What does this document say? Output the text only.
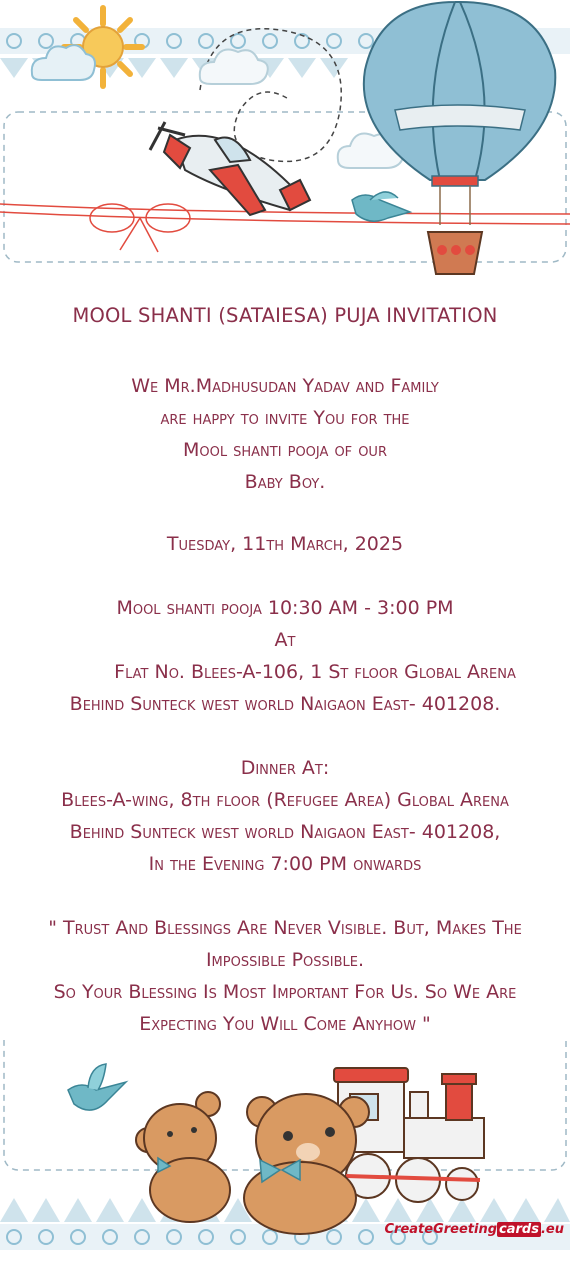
MOOL SHANTI (SATAIESA) PUJA INVITATION
We Mr.Madhusudan Yadav and Family
are happy to invite You for the
Mool shanti pooja of our
Baby Boy.
Tuesday, 11th March, 2025
Mool shanti pooja 10:30 AM - 3:00 PM
At
Flat No. Blees-A-106, 1 St floor Global Arena
Behind Sunteck west world Naigaon East- 401208.
Dinner At:
Blees-A-wing, 8th floor (Refugee Area) Global Arena
Behind Sunteck west world Naigaon East- 401208,
In the Evening 7:00 PM onwards
" Trust And Blessings Are Never Visible. But, Makes The
Impossible Possible.
So Your Blessing Is Most Important For Us. So We Are
Expecting You Will Come Anyhow "
CreateGreeting cards .eu
